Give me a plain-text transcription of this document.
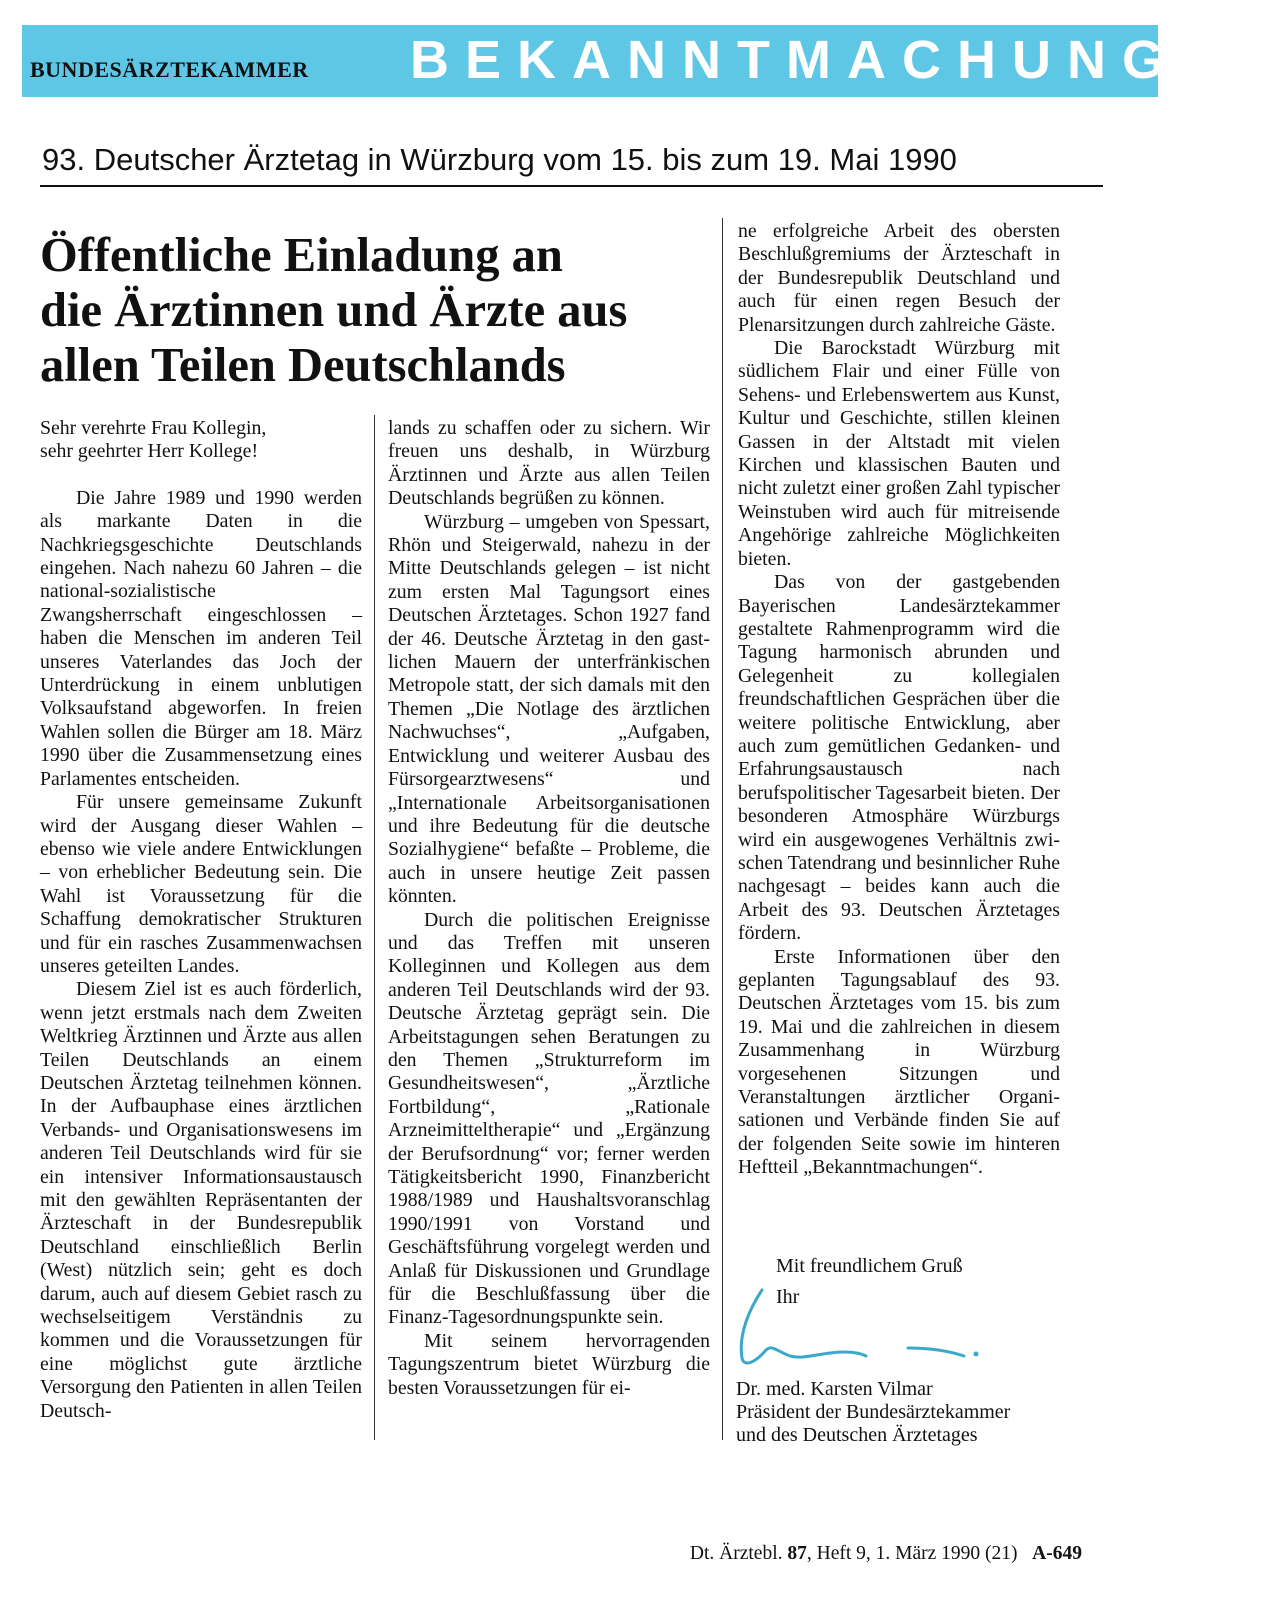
BUNDESÄRZTEKAMMER BEKANNTMACHUNGEN
93. Deutscher Ärztetag in Würzburg vom 15. bis zum 19. Mai 1990
Öffentliche Einladung an
die Ärztinnen und Ärzte aus
allen Teilen Deutschlands

Sehr verehrte Frau Kollegin,

sehr geehrter Herr Kollege!

Die Jahre 1989 und 1990 werden als markante Daten in die Nachkriegsgeschichte Deutschlands eingehen. Nach nahezu 60 Jahren – die national-sozialistische Zwangsherrschaft eingeschlossen – haben die Menschen im anderen Teil unseres Vaterlandes das Joch der Unterdrückung in einem unblutigen Volksaufstand abgeworfen. In freien Wahlen sollen die Bürger am 18. März 1990 über die Zusammensetzung eines Parlamentes entscheiden.

Für unsere gemeinsame Zukunft wird der Ausgang dieser Wahlen – ebenso wie viele andere Entwicklungen – von erheblicher Bedeutung sein. Die Wahl ist Voraussetzung für die Schaffung demokratischer Strukturen und für ein rasches Zusammenwachsen unseres geteilten Landes.

Diesem Ziel ist es auch förderlich, wenn jetzt erstmals nach dem Zweiten Weltkrieg Ärztinnen und Ärzte aus allen Teilen Deutschlands an einem Deutschen Ärztetag teilnehmen können. In der Aufbauphase eines ärztlichen Verbands- und Organisationswesens im anderen Teil Deutschlands wird für sie ein intensiver Informationsaustausch mit den gewählten Repräsentanten der Ärzteschaft in der Bundesrepublik Deutschland einschließlich Berlin (West) nützlich sein; geht es doch darum, auch auf diesem Gebiet rasch zu wechselseitigem Verständnis zu kommen und die Voraussetzungen für eine möglichst gute ärztliche Versorgung den Patienten in allen Teilen Deutsch-

lands zu schaffen oder zu sichern. Wir freuen uns deshalb, in Würzburg Ärztinnen und Ärzte aus allen Teilen Deutschlands begrüßen zu können.

Würzburg – umgeben von Spessart, Rhön und Steigerwald, nahezu in der Mitte Deutschlands gelegen – ist nicht zum ersten Mal Tagungsort eines Deutschen Ärztetages. Schon 1927 fand der 46. Deutsche Ärztetag in den gastlichen Mauern der unterfränkischen Metropole statt, der sich damals mit den Themen „Die Notlage des ärztlichen Nachwuchses“, „Aufgaben, Entwicklung und weiterer Ausbau des Fürsorgearztwesens“ und „Internationale Arbeitsorganisationen und ihre Bedeutung für die deutsche Sozialhygiene“ befaßte – Probleme, die auch in unsere heutige Zeit passen könnten.

Durch die politischen Ereignisse und das Treffen mit unseren Kolleginnen und Kollegen aus dem anderen Teil Deutschlands wird der 93. Deutsche Ärztetag geprägt sein. Die Arbeitstagungen sehen Beratungen zu den Themen „Strukturreform im Gesundheitswesen“, „Ärztliche Fortbildung“, „Rationale Arzneimitteltherapie“ und „Ergänzung der Berufsordnung“ vor; ferner werden Tätigkeitsbericht 1990, Finanzbericht 1988/1989 und Haushaltsvoranschlag 1990/1991 von Vorstand und Geschäftsführung vorgelegt werden und Anlaß für Diskussionen und Grundlage für die Beschlußfassung über die Finanz-Tagesordnungspunkte sein.

Mit seinem hervorragenden Tagungszentrum bietet Würzburg die besten Voraussetzungen für ei-

ne erfolgreiche Arbeit des obersten Beschlußgremiums der Ärzteschaft in der Bundesrepublik Deutschland und auch für einen regen Besuch der Plenarsitzungen durch zahlreiche Gäste.

Die Barockstadt Würzburg mit südlichem Flair und einer Fülle von Sehens- und Erlebenswertem aus Kunst, Kultur und Geschichte, stillen kleinen Gassen in der Altstadt mit vielen Kirchen und klassischen Bauten und nicht zuletzt einer großen Zahl typischer Weinstuben wird auch für mitreisende Angehörige zahlreiche Möglichkeiten bieten.

Das von der gastgebenden Bayerischen Landesärztekammer gestaltete Rahmenprogramm wird die Tagung harmonisch abrunden und Gelegenheit zu kollegialen freundschaftlichen Gesprächen über die weitere politische Entwicklung, aber auch zum gemütlichen Gedanken- und Erfahrungsaustausch nach berufspolitischer Tagesarbeit bieten. Der besonderen Atmosphäre Würzburgs wird ein ausgewogenes Verhältnis zwischen Tatendrang und besinnlicher Ruhe nachgesagt – beides kann auch die Arbeit des 93. Deutschen Ärztetages fördern.

Erste Informationen über den geplanten Tagungsablauf des 93. Deutschen Ärztetages vom 15. bis zum 19. Mai und die zahlreichen in diesem Zusammenhang in Würzburg vorgesehenen Sitzungen und Veranstaltungen ärztlicher Organisationen und Verbände finden Sie auf der folgenden Seite sowie im hinteren Heftteil „Bekanntmachungen“.

Mit freundlichem Gruß
Ihr
Dr. med. Karsten Vilmar
Präsident der Bundesärztekammer
und des Deutschen Ärztetages
Dt. Ärztebl. 87, Heft 9, 1. März 1990 (21) A-649
